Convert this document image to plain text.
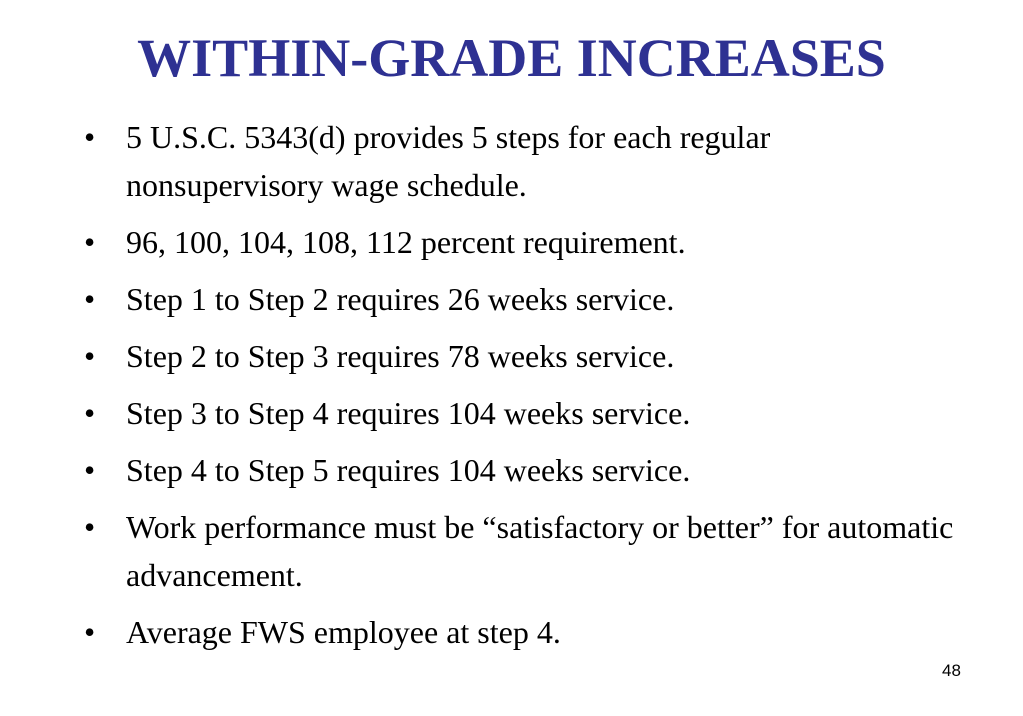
WITHIN-GRADE INCREASES
• 5 U.S.C. 5343(d) provides 5 steps for each regular nonsupervisory wage schedule.
• 96, 100, 104, 108, 112 percent requirement.
• Step 1 to Step 2 requires 26 weeks service.
• Step 2 to Step 3 requires 78 weeks service.
• Step 3 to Step 4 requires 104 weeks service.
• Step 4 to Step 5 requires 104 weeks service.
• Work performance must be “satisfactory or better” for automatic advancement.
• Average FWS employee at step 4.
48
